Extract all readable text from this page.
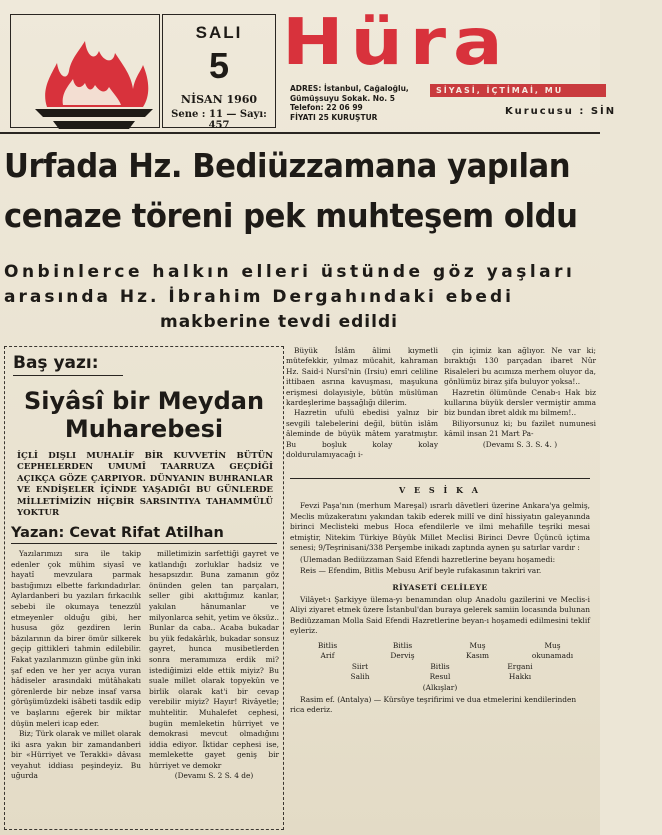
SALI
5
NİSAN 1960
Sene : 11 — Sayı: 457
Hüra
ADRES: İstanbul, Cağaloğlu,
Gümüşsuyu Sokak. No. 5
Telefon: 22 06 99
FİYATI 25 KURUŞTUR
SİYASİ, İÇTİMAİ, MU
Kurucusu : SİN
Urfada Hz. Bediüzzamana yapılan
cenaze töreni pek muhteşem oldu
Onbinlerce halkın elleri üstünde göz yaşları
arasında Hz. İbrahim Dergahındaki ebedi
makberine tevdi edildi
Baş yazı:
Siyâsî bir Meydan
Muharebesi
İÇLİ DIŞLI MUHALİF BİR KUVVETİN BÜTÜN CEPHELERDEN UMUMÎ TAARRUZA GEÇDİĞİ AÇIKÇA GÖZE ÇARPIYOR. DÜNYANIN BUHRANLAR VE ENDİŞELER İÇİNDE YAŞADIĞI BU GÜNLERDE MİLLETİMİZİN HİÇBİR SARSINTIYA TAHAMMÜLÜ YOKTUR
Yazan: Cevat Rifat Atilhan

Yazılarımızı sıra ile takip edenler çok mühim siyasî ve hayatî mevzulara parmak bastığımızı elbette farkındadırlar. Aylardanberi bu yazıları fırkacılık sebebi ile okumaya tenezzül etmeyenler olduğu gibi, her hususa göz gezdiren lerin bâzılarının da birer ömür silkerek geçip gittikleri tahmin edilebilir. Fakat yazılarımızın günbe gün inki şaf eden ve her yer acıya vuran hâdiseler arasındaki mütâhakatı görenlerde bir nebze insaf varsa görüşümüzdeki isâbeti tasdik edip ve başlarını eğerek bir miktar düşün meleri icap eder.

Biz; Türk olarak ve millet olarak iki asra yakın bir zamandanberi bir «Hürriyet ve Terakki» dâvası veyahut iddiası peşindeyiz. Bu uğurda

milletimizin sarfettiği gayret ve katlandığı zorluklar hadsiz ve hesapsızdır. Buna zamanın göz önünden gelen tan parçaları, seller gibi akıttığımız kanlar, yakılan hânumanlar ve milyonlarca sehit, yetim ve öksüz.. Bunlar da caba.. Acaba bukadar bu yük fedakârlık, bukadar sonsuz gayret, hunca musibetlerden sonra meramımıza erdik mi? istediğimizi elde ettik miyiz? Bu suale millet olarak topyekûn ve birlik olarak kat'i bir cevap verebilir miyiz? Hayır! Rivâyetle; muhtelitir. Muhalefet cephesi, bugün memleketin hürriyet ve demokrasi mevcut olmadığını iddia ediyor. İktidar cephesi ise, memlekette gayet geniş bir hürriyet ve demokr

(Devamı S. 2 S. 4 de)

Büyük İslâm âlimi kıymetli mütefekkir, yılmaz mücahit, kahraman Hz. Said-i Nursî'nin (Irsiu) emri celiline ittibaen asrına kavuşması, maşukuna erişmesi dolayısiyle, bütün müslüman kardeşlerime başsağlığı dilerim.

Hazretin ufulü ebedisi yalnız bir sevgili talebelerini değil, bütün islâm âleminde de büyük mâtem yaratmıştır. Bu boşluk kolay kolay doldurulamıyacağı i-

çin içimiz kan ağlıyor. Ne var ki; bıraktığı 130 parçadan ibaret Nûr Risaleleri bu acımıza merhem oluyor da, gönlümüz biraz şifa buluyor yoksa!..

Hazretin ölümünde Cenab-ı Hak biz kullarına büyük dersler vermiştir amma biz bundan ibret aldık mı bilmem!..

Biliyorsunuz ki; bu fazilet numunesi kâmil insan 21 Mart Pa-

(Devamı S. 3. S. 4. )

V E S İ K A

Fevzi Paşa'nın (merhum Mareşal) ısrarlı dâvetleri üzerine Ankara'ya gelmiş, Meclis müzakeratını yakından takib ederek millî ve dinî hissiyatın galeyanında birinci Meclisteki mebus Hoca efendilerle ve ilmi mehafille teşriki mesai etmiştir, Nitekim Türkiye Büyük Millet Meclisi Birinci Devre Üçüncü içtima senesi; 9/Teşrinisani/338 Perşembe inikadı zaptında aynen şu satırlar vardır :

(Ulemadan Bediüzzaman Said Efendi hazretlerine beyanı hoşamedi:

Reis — Efendim, Bitlis Mebusu Arif beyle rufakasının takriri var.

RİYASETİ CELİLEYE

Vilâyet-ı Şarkiyye ülema-yı benamından olup Anadolu gazilerini ve Meclis-i Aliyi ziyaret etmek üzere İstanbul'dan buraya gelerek samiin locasında bulunan Bediüzzaman Molla Said Efendi Hazretlerine beyan-ı hoşamedi edilmesini teklif eyleriz.

Bitlis	Bitlis	Muş	Muş
Arif	Derviş	Kasım	okunamadı
Siirt	Bitlis	Ergani
Salih	Resul	Hakkı
(Alkışlar)
Rasim ef. (Antalya) — Kürsüye teşrifirimi ve dua etmelerini kendilerinden rica ederiz.
